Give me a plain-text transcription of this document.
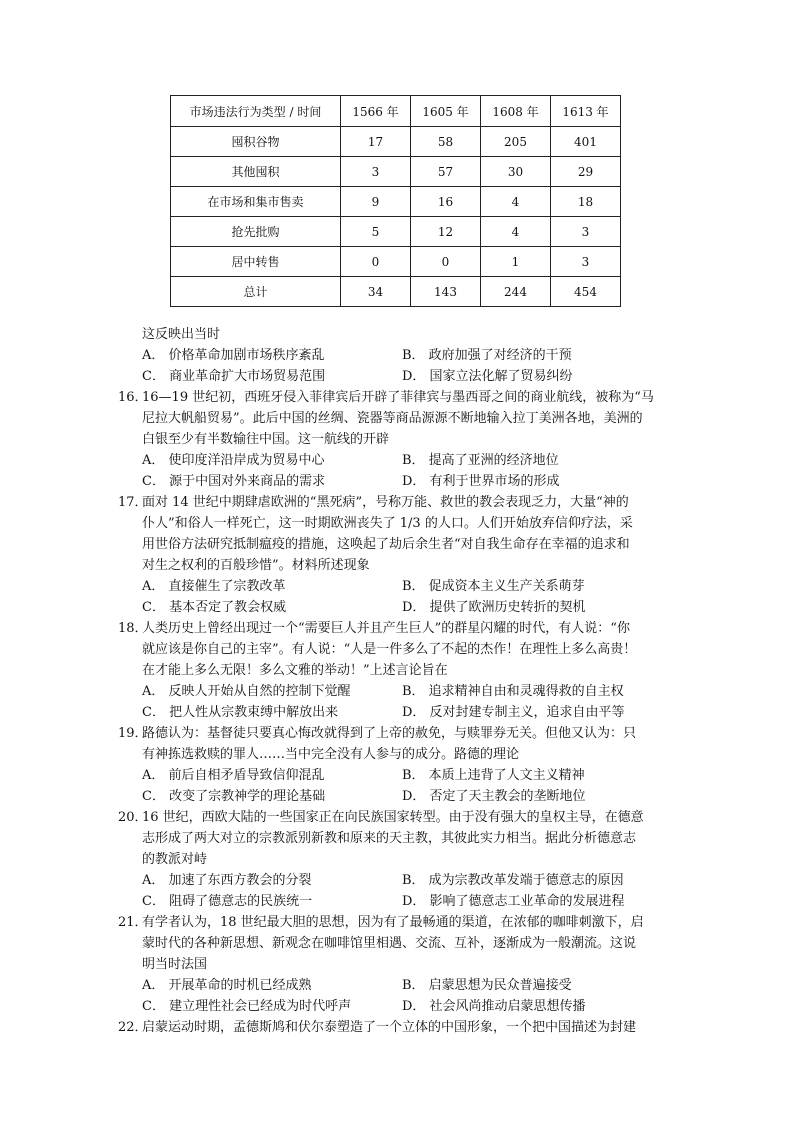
市场违法行为类型 / 时间	1566 年	1605 年	1608 年	1613 年
囤积谷物	17	58	205	401
其他囤积	3	57	30	29
在市场和集市售卖	9	16	4	18
抢先批购	5	12	4	3
居中转售	0	0	1	3
总计	34	143	244	454
这反映出当时
A． 价格革命加剧市场秩序紊乱	B． 政府加强了对经济的干预
C． 商业革命扩大市场贸易范围	D． 国家立法化解了贸易纠纷
16．16—19 世纪初，西班牙侵入菲律宾后开辟了菲律宾与墨西哥之间的商业航线，被称为“马
尼拉大帆船贸易”。此后中国的丝绸、瓷器等商品源源不断地输入拉丁美洲各地，美洲的
白银至少有半数输往中国。这一航线的开辟
A． 使印度洋沿岸成为贸易中心	B． 提高了亚洲的经济地位
C． 源于中国对外来商品的需求	D． 有利于世界市场的形成
17．面对 14 世纪中期肆虐欧洲的“黑死病”，号称万能、救世的教会表现乏力，大量“神的
仆人”和俗人一样死亡，这一时期欧洲丧失了 1/3 的人口。人们开始放弃信仰疗法，采
用世俗方法研究抵制瘟疫的措施，这唤起了劫后余生者“对自我生命存在幸福的追求和
对生之权利的百般珍惜”。材料所述现象
A． 直接催生了宗教改革	B． 促成资本主义生产关系萌芽
C． 基本否定了教会权威	D． 提供了欧洲历史转折的契机
18．人类历史上曾经出现过一个“需要巨人并且产生巨人”的群星闪耀的时代，有人说：“你
就应该是你自己的主宰”。有人说：“人是一件多么了不起的杰作！在理性上多么高贵！
在才能上多么无限！多么文雅的举动！”上述言论旨在
A． 反映人开始从自然的控制下觉醒	B． 追求精神自由和灵魂得救的自主权
C． 把人性从宗教束缚中解放出来	D． 反对封建专制主义，追求自由平等
19．路德认为：基督徒只要真心悔改就得到了上帝的赦免，与赎罪券无关。但他又认为：只
有神拣选救赎的罪人……当中完全没有人参与的成分。路德的理论
A． 前后自相矛盾导致信仰混乱	B． 本质上违背了人文主义精神
C． 改变了宗教神学的理论基础	D． 否定了天主教会的垄断地位
20．16 世纪，西欧大陆的一些国家正在向民族国家转型。由于没有强大的皇权主导，在德意
志形成了两大对立的宗教派别新教和原来的天主教，其彼此实力相当。据此分析德意志
的教派对峙
A． 加速了东西方教会的分裂	B． 成为宗教改革发端于德意志的原因
C． 阻碍了德意志的民族统一	D． 影响了德意志工业革命的发展进程
21．有学者认为，18 世纪最大胆的思想，因为有了最畅通的渠道，在浓郁的咖啡刺激下，启
蒙时代的各种新思想、新观念在咖啡馆里相遇、交流、互补，逐渐成为一般潮流。这说
明当时法国
A． 开展革命的时机已经成熟	B． 启蒙思想为民众普遍接受
C． 建立理性社会已经成为时代呼声	D． 社会风尚推动启蒙思想传播
22．启蒙运动时期，孟德斯鸠和伏尔泰塑造了一个立体的中国形象，一个把中国描述为封建
